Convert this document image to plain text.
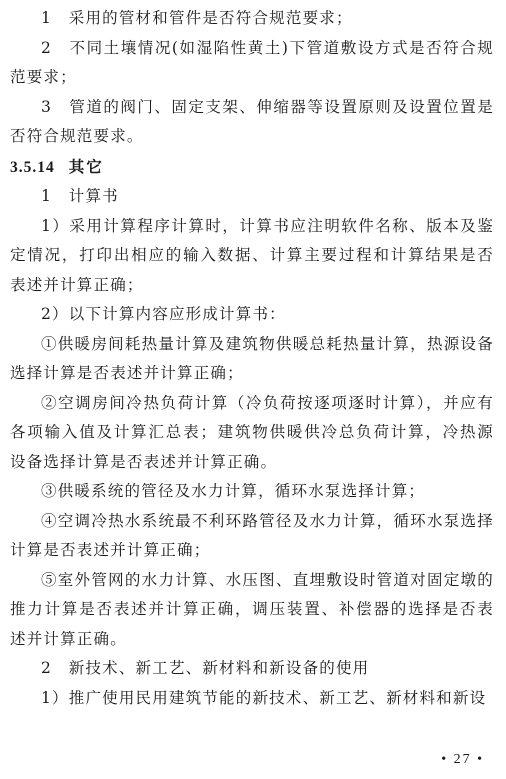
1　采用的管材和管件是否符合规范要求；

2　不同土壤情况(如湿陷性黄土)下管道敷设方式是否符合规范要求；

3　管道的阀门、固定支架、伸缩器等设置原则及设置位置是否符合规范要求。

3.5.14 其它

1　计算书

1）采用计算程序计算时，计算书应注明软件名称、版本及鉴定情况，打印出相应的输入数据、计算主要过程和计算结果是否表述并计算正确；

2）以下计算内容应形成计算书：

①供暖房间耗热量计算及建筑物供暖总耗热量计算，热源设备选择计算是否表述并计算正确；

②空调房间冷热负荷计算（冷负荷按逐项逐时计算），并应有各项输入值及计算汇总表；建筑物供暖供冷总负荷计算，冷热源设备选择计算是否表述并计算正确。

③供暖系统的管径及水力计算，循环水泵选择计算；

④空调冷热水系统最不利环路管径及水力计算，循环水泵选择计算是否表述并计算正确；

⑤室外管网的水力计算、水压图、直埋敷设时管道对固定墩的推力计算是否表述并计算正确，调压装置、补偿器的选择是否表述并计算正确。

2　新技术、新工艺、新材料和新设备的使用

1）推广使用民用建筑节能的新技术、新工艺、新材料和新设

• 27 •
